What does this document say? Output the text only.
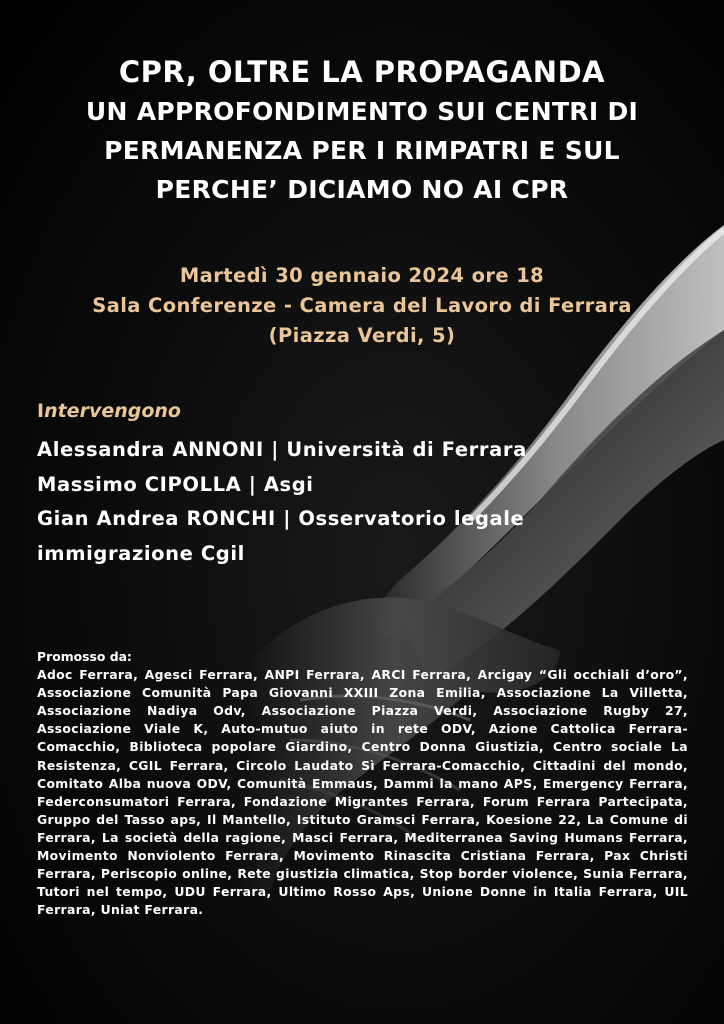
CPR, OLTRE LA PROPAGANDA
UN APPROFONDIMENTO SUI CENTRI DI
PERMANENZA PER I RIMPATRI E SUL
PERCHE’ DICIAMO NO AI CPR
Martedì 30 gennaio 2024 ore 18
Sala Conferenze - Camera del Lavoro di Ferrara
(Piazza Verdi, 5)
Intervengono
Alessandra ANNONI | Università di Ferrara
Massimo CIPOLLA | Asgi
Gian Andrea RONCHI | Osservatorio legale
immigrazione Cgil
Promosso da:
Adoc Ferrara, Agesci Ferrara, ANPI Ferrara, ARCI Ferrara, Arcigay “Gli occhiali d’oro”, Associazione Comunità Papa Giovanni XXIII Zona Emilia, Associazione La Villetta, Associazione Nadiya Odv, Associazione Piazza Verdi, Associazione Rugby 27, Associazione Viale K, Auto-mutuo aiuto in rete ODV, Azione Cattolica Ferrara-Comacchio, Biblioteca popolare Giardino, Centro Donna Giustizia, Centro sociale La Resistenza, CGIL Ferrara, Circolo Laudato Sì Ferrara-Comacchio, Cittadini del mondo, Comitato Alba nuova ODV, Comunità Emmaus, Dammi la mano APS, Emergency Ferrara, Federconsumatori Ferrara, Fondazione Migrantes Ferrara, Forum Ferrara Partecipata, Gruppo del Tasso aps, Il Mantello, Istituto Gramsci Ferrara, Koesione 22, La Comune di Ferrara, La società della ragione, Masci Ferrara, Mediterranea Saving Humans Ferrara, Movimento Nonviolento Ferrara, Movimento Rinascita Cristiana Ferrara, Pax Christi Ferrara, Periscopio online, Rete giustizia climatica, Stop border violence, Sunia Ferrara, Tutori nel tempo, UDU Ferrara, Ultimo Rosso Aps, Unione Donne in Italia Ferrara, UIL Ferrara, Uniat Ferrara.
